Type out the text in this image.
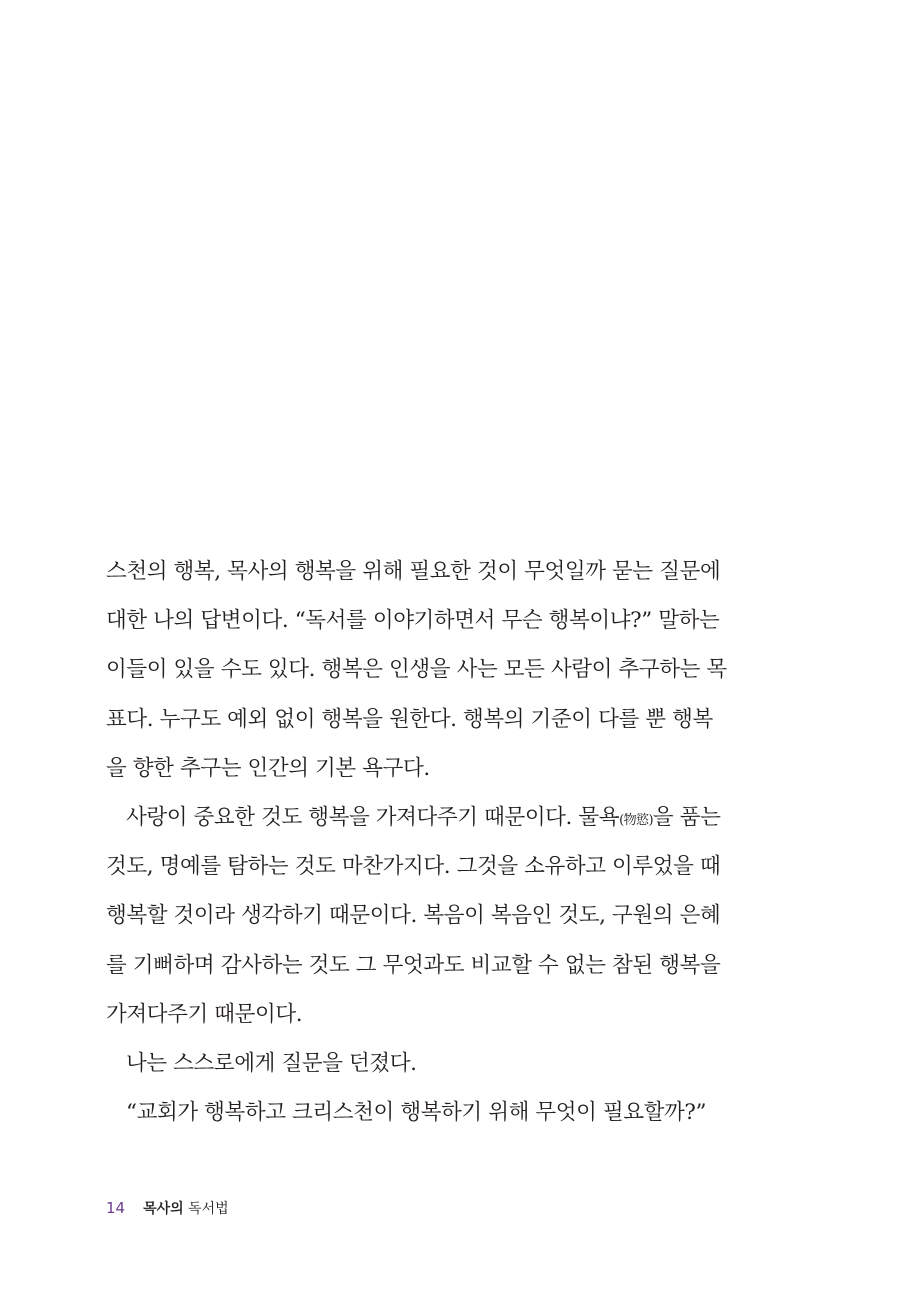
스천의 행복, 목사의 행복을 위해 필요한 것이 무엇일까 묻는 질문에
대한 나의 답변이다. “독서를 이야기하면서 무슨 행복이냐?” 말하는
이들이 있을 수도 있다. 행복은 인생을 사는 모든 사람이 추구하는 목
표다. 누구도 예외 없이 행복을 원한다. 행복의 기준이 다를 뿐 행복
을 향한 추구는 인간의 기본 욕구다.
사랑이 중요한 것도 행복을 가져다주기 때문이다. 물욕(物慾)을 품는
것도, 명예를 탐하는 것도 마찬가지다. 그것을 소유하고 이루었을 때
행복할 것이라 생각하기 때문이다. 복음이 복음인 것도, 구원의 은혜
를 기뻐하며 감사하는 것도 그 무엇과도 비교할 수 없는 참된 행복을
가져다주기 때문이다.
나는 스스로에게 질문을 던졌다.
“교회가 행복하고 크리스천이 행복하기 위해 무엇이 필요할까?”
14 목사의 독서법
